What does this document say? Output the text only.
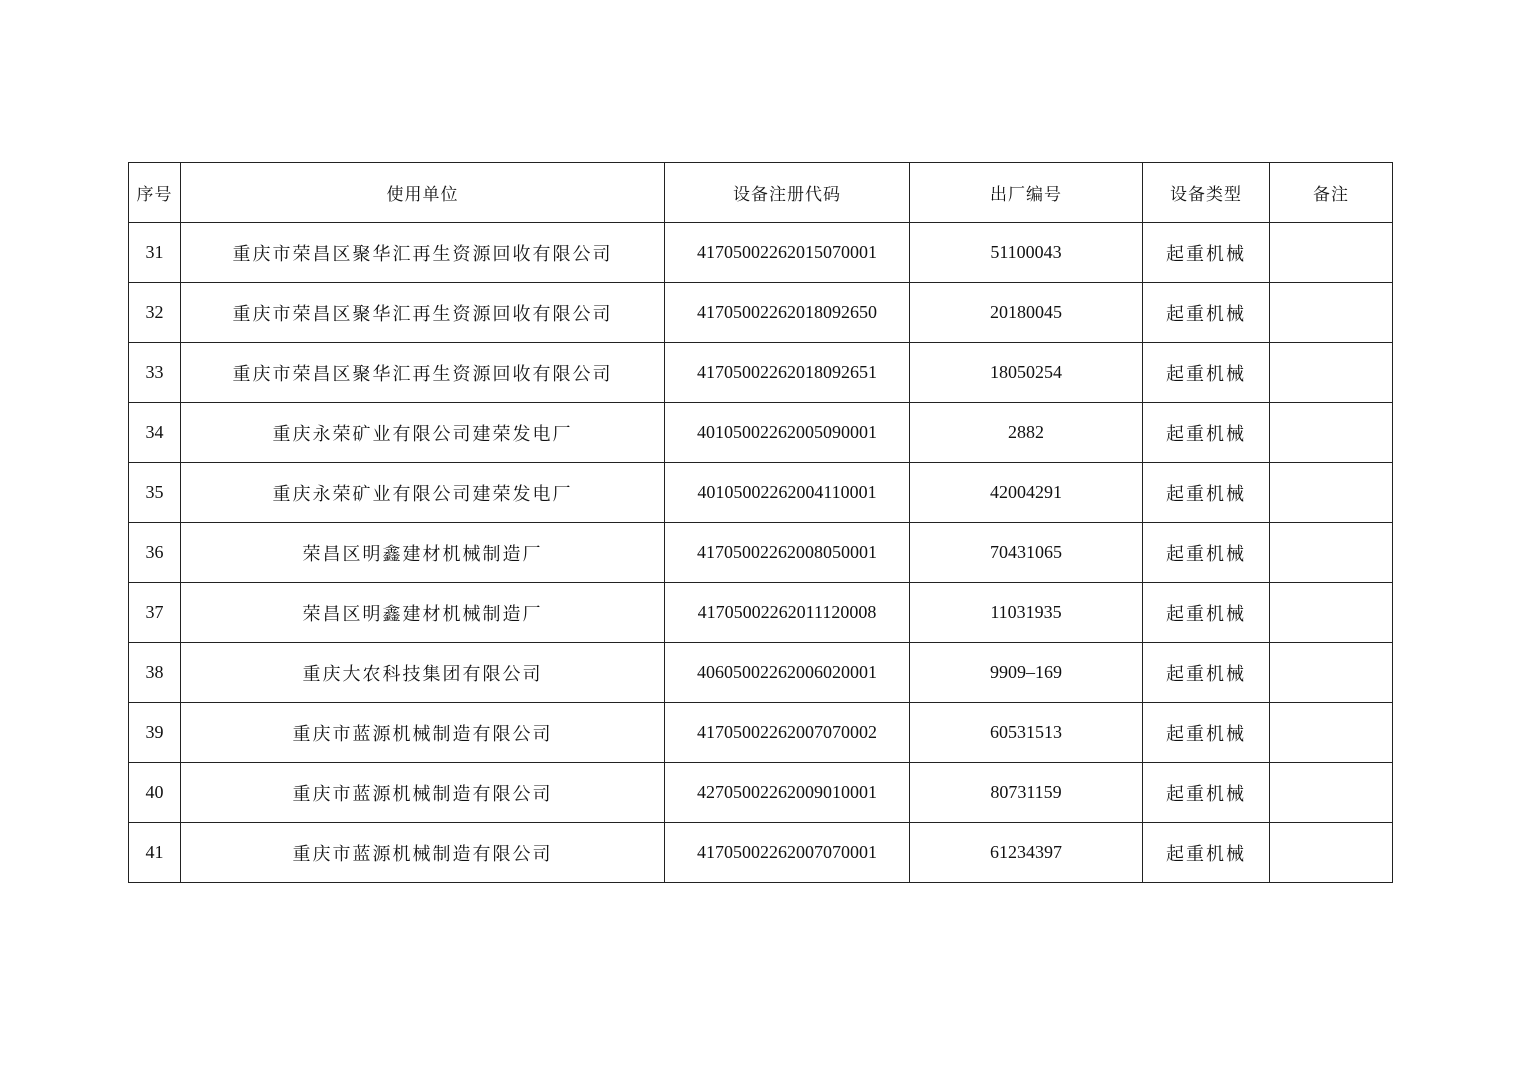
序号	使用单位	设备注册代码	出厂编号	设备类型	备注
31	重庆市荣昌区聚华汇再生资源回收有限公司	41705002262015070001	51100043	起重机械	
32	重庆市荣昌区聚华汇再生资源回收有限公司	41705002262018092650	20180045	起重机械	
33	重庆市荣昌区聚华汇再生资源回收有限公司	41705002262018092651	18050254	起重机械	
34	重庆永荣矿业有限公司建荣发电厂	40105002262005090001	2882	起重机械	
35	重庆永荣矿业有限公司建荣发电厂	40105002262004110001	42004291	起重机械	
36	荣昌区明鑫建材机械制造厂	41705002262008050001	70431065	起重机械	
37	荣昌区明鑫建材机械制造厂	41705002262011120008	11031935	起重机械	
38	重庆大农科技集团有限公司	40605002262006020001	9909–169	起重机械	
39	重庆市蓝源机械制造有限公司	41705002262007070002	60531513	起重机械	
40	重庆市蓝源机械制造有限公司	42705002262009010001	80731159	起重机械	
41	重庆市蓝源机械制造有限公司	41705002262007070001	61234397	起重机械	
